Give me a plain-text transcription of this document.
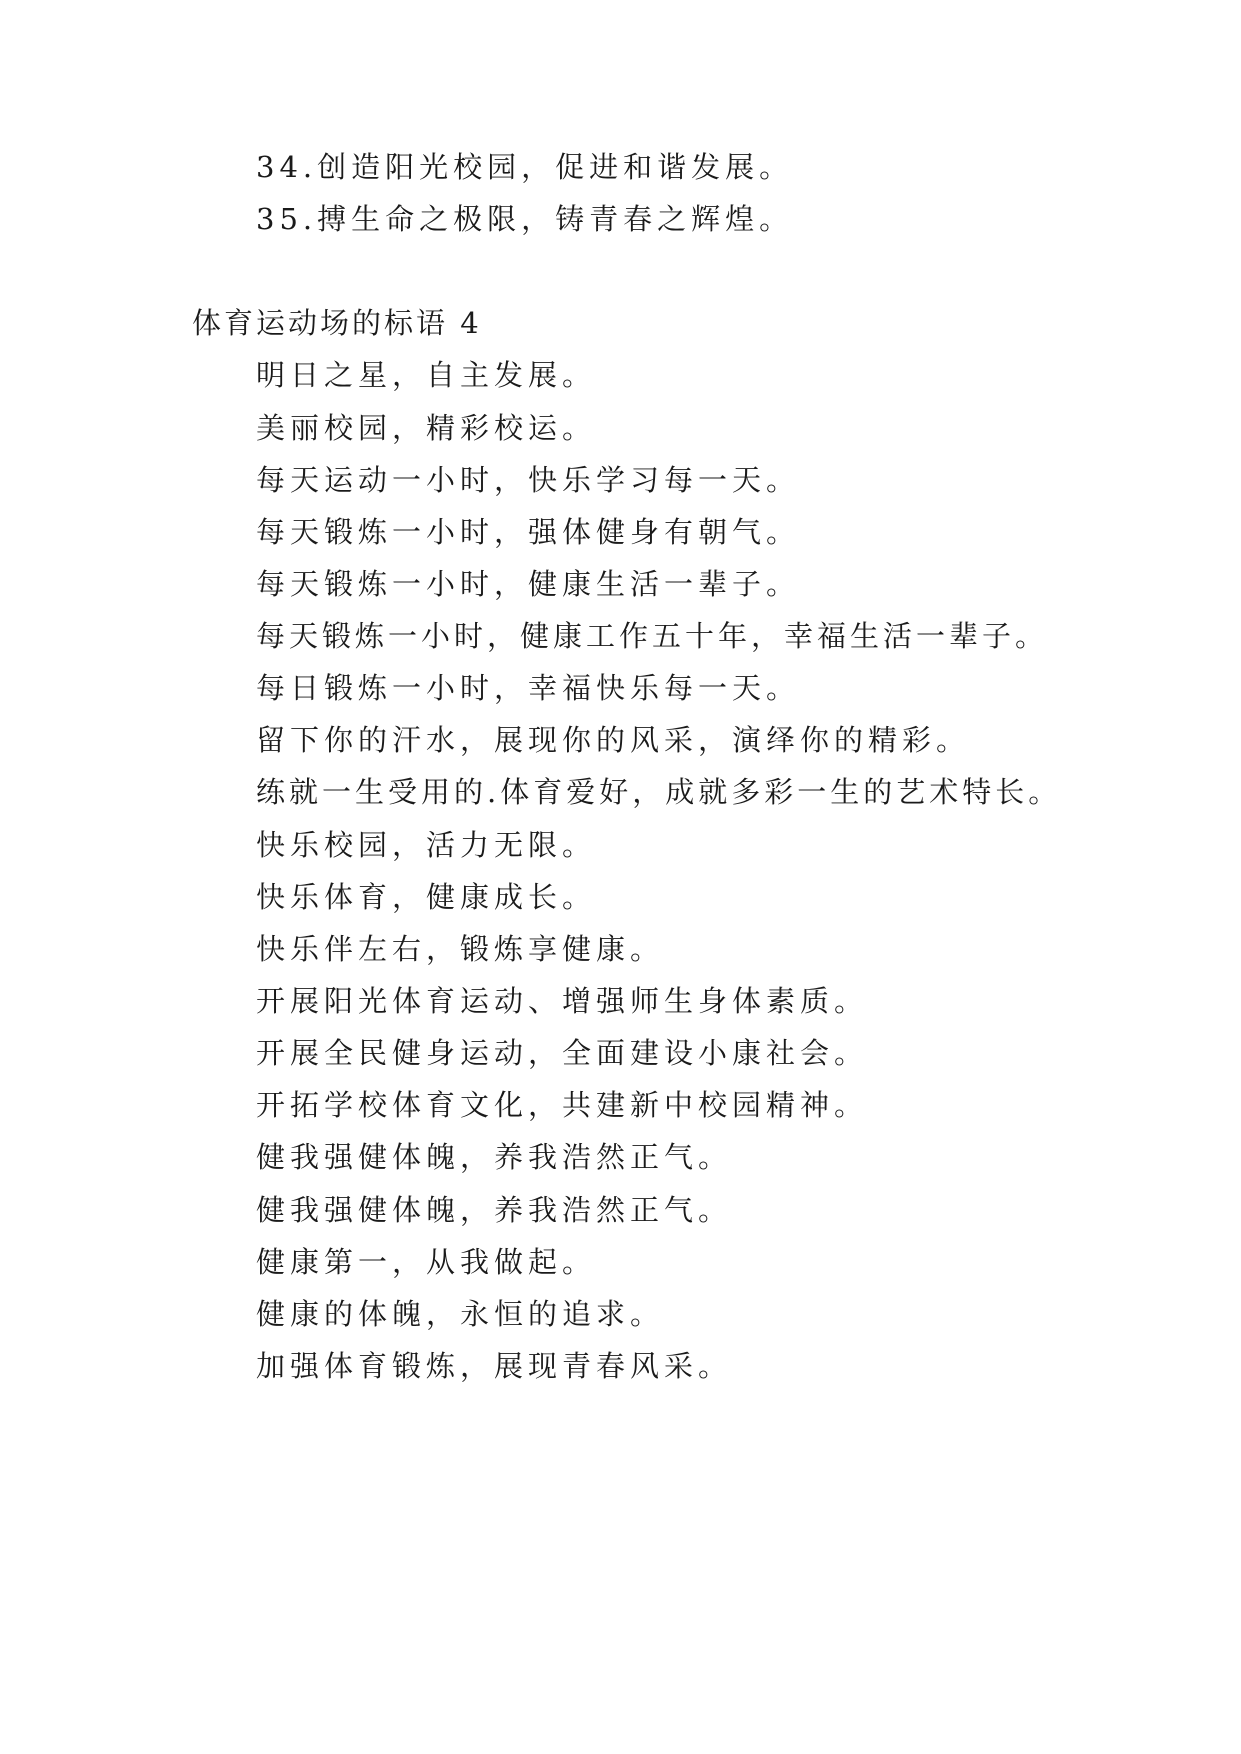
34.创造阳光校园，促进和谐发展。
35.搏生命之极限，铸青春之辉煌。
体育运动场的标语 4
明日之星，自主发展。
美丽校园，精彩校运。
每天运动一小时，快乐学习每一天。
每天锻炼一小时，强体健身有朝气。
每天锻炼一小时，健康生活一辈子。
每天锻炼一小时，健康工作五十年，幸福生活一辈子。
每日锻炼一小时，幸福快乐每一天。
留下你的汗水，展现你的风采，演绎你的精彩。
练就一生受用的.体育爱好，成就多彩一生的艺术特长。
快乐校园，活力无限。
快乐体育，健康成长。
快乐伴左右，锻炼享健康。
开展阳光体育运动、增强师生身体素质。
开展全民健身运动，全面建设小康社会。
开拓学校体育文化，共建新中校园精神。
健我强健体魄，养我浩然正气。
健我强健体魄，养我浩然正气。
健康第一，从我做起。
健康的体魄，永恒的追求。
加强体育锻炼，展现青春风采。
